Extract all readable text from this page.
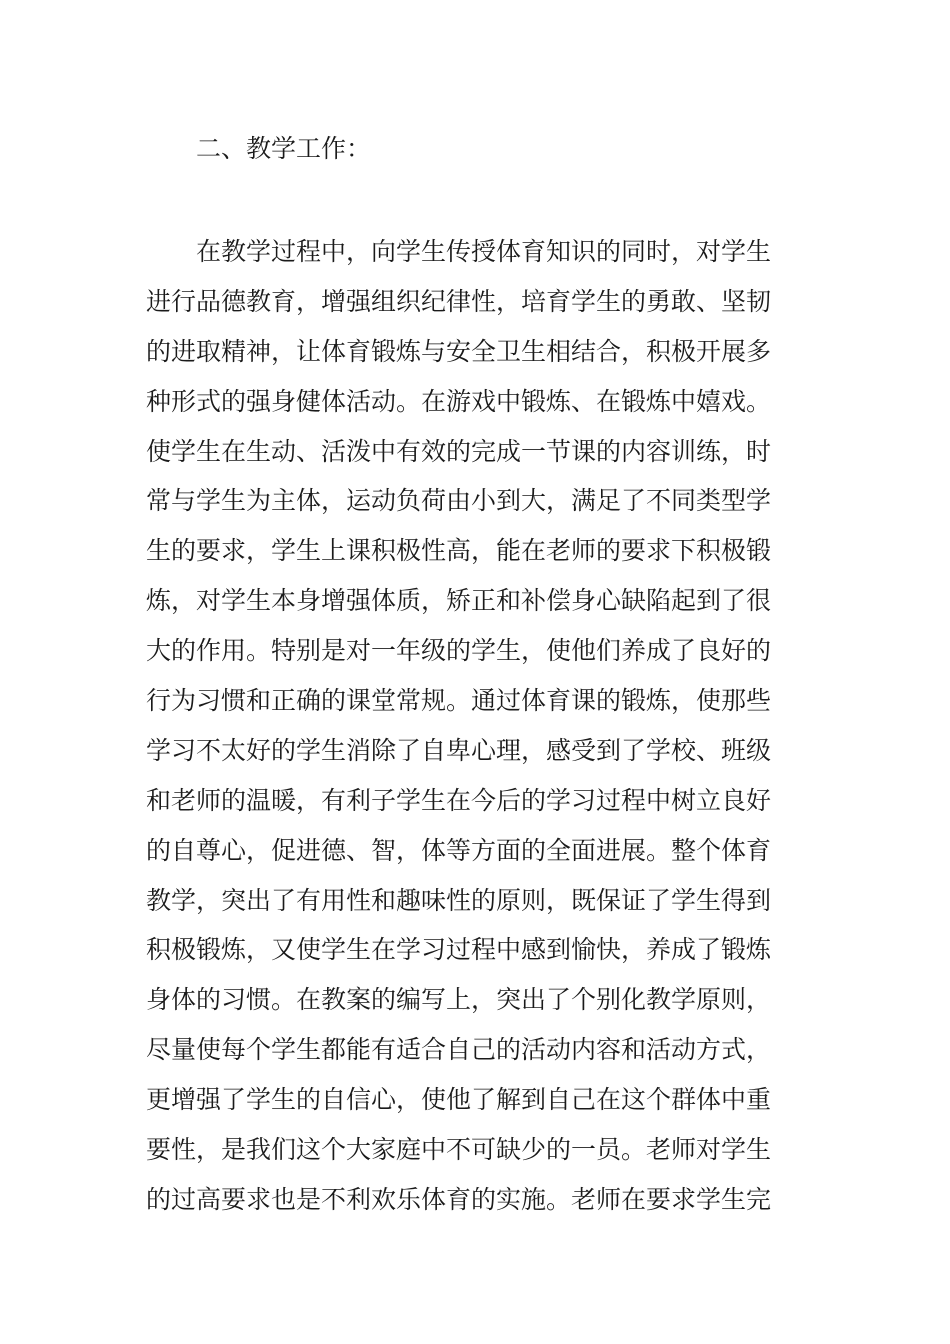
二、教学工作：
　　在教学过程中，向学生传授体育知识的同时，对学生
进行品德教育，增强组织纪律性，培育学生的勇敢、坚韧
的进取精神，让体育锻炼与安全卫生相结合，积极开展多
种形式的强身健体活动。在游戏中锻炼、在锻炼中嬉戏。
使学生在生动、活泼中有效的完成一节课的内容训练，时
常与学生为主体，运动负荷由小到大，满足了不同类型学
生的要求，学生上课积极性高，能在老师的要求下积极锻
炼，对学生本身增强体质，矫正和补偿身心缺陷起到了很
大的作用。特别是对一年级的学生，使他们养成了良好的
行为习惯和正确的课堂常规。通过体育课的锻炼，使那些
学习不太好的学生消除了自卑心理，感受到了学校、班级
和老师的温暖，有利子学生在今后的学习过程中树立良好
的自尊心，促进德、智，体等方面的全面进展。整个体育
教学，突出了有用性和趣味性的原则，既保证了学生得到
积极锻炼，又使学生在学习过程中感到愉快，养成了锻炼
身体的习惯。在教案的编写上，突出了个别化教学原则，
尽量使每个学生都能有适合自己的活动内容和活动方式，
更增强了学生的自信心，使他了解到自己在这个群体中重
要性，是我们这个大家庭中不可缺少的一员。老师对学生
的过高要求也是不利欢乐体育的实施。老师在要求学生完
